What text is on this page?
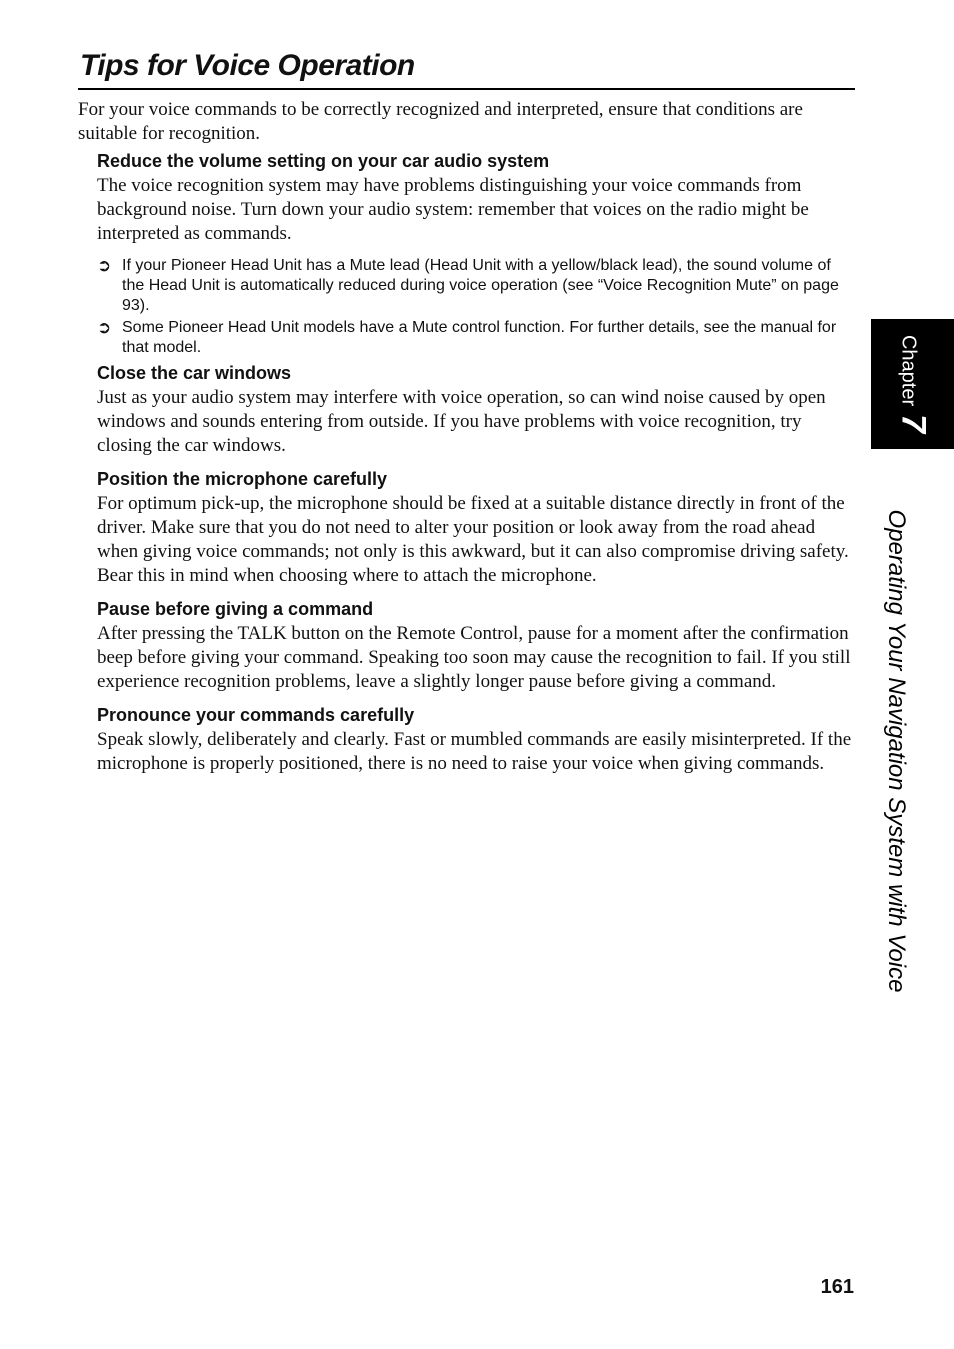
Tips for Voice Operation

For your voice commands to be correctly recognized and interpreted, ensure that conditions are suitable for recognition.

Reduce the volume setting on your car audio system

The voice recognition system may have problems distinguishing your voice commands from background noise. Turn down your audio system: remember that voices on the radio might be interpreted as commands.

➲ If your Pioneer Head Unit has a Mute lead (Head Unit with a yellow/black lead), the sound volume of the Head Unit is automatically reduced during voice operation (see “Voice Recognition Mute” on page 93).
➲ Some Pioneer Head Unit models have a Mute control function. For further details, see the manual for that model.
Close the car windows

Just as your audio system may interfere with voice operation, so can wind noise caused by open windows and sounds entering from outside. If you have problems with voice recognition, try closing the car windows.

Position the microphone carefully

For optimum pick-up, the microphone should be fixed at a suitable distance directly in front of the driver. Make sure that you do not need to alter your position or look away from the road ahead when giving voice commands; not only is this awkward, but it can also compromise driving safety. Bear this in mind when choosing where to attach the microphone.

Pause before giving a command

After pressing the TALK button on the Remote Control, pause for a moment after the confirmation beep before giving your command. Speaking too soon may cause the recognition to fail. If you still experience recognition problems, leave a slightly longer pause before giving a command.

Pronounce your commands carefully

Speak slowly, deliberately and clearly. Fast or mumbled commands are easily misinterpreted. If the microphone is properly positioned, there is no need to raise your voice when giving commands.

Chapter
7
Operating Your Navigation System with Voice
161
